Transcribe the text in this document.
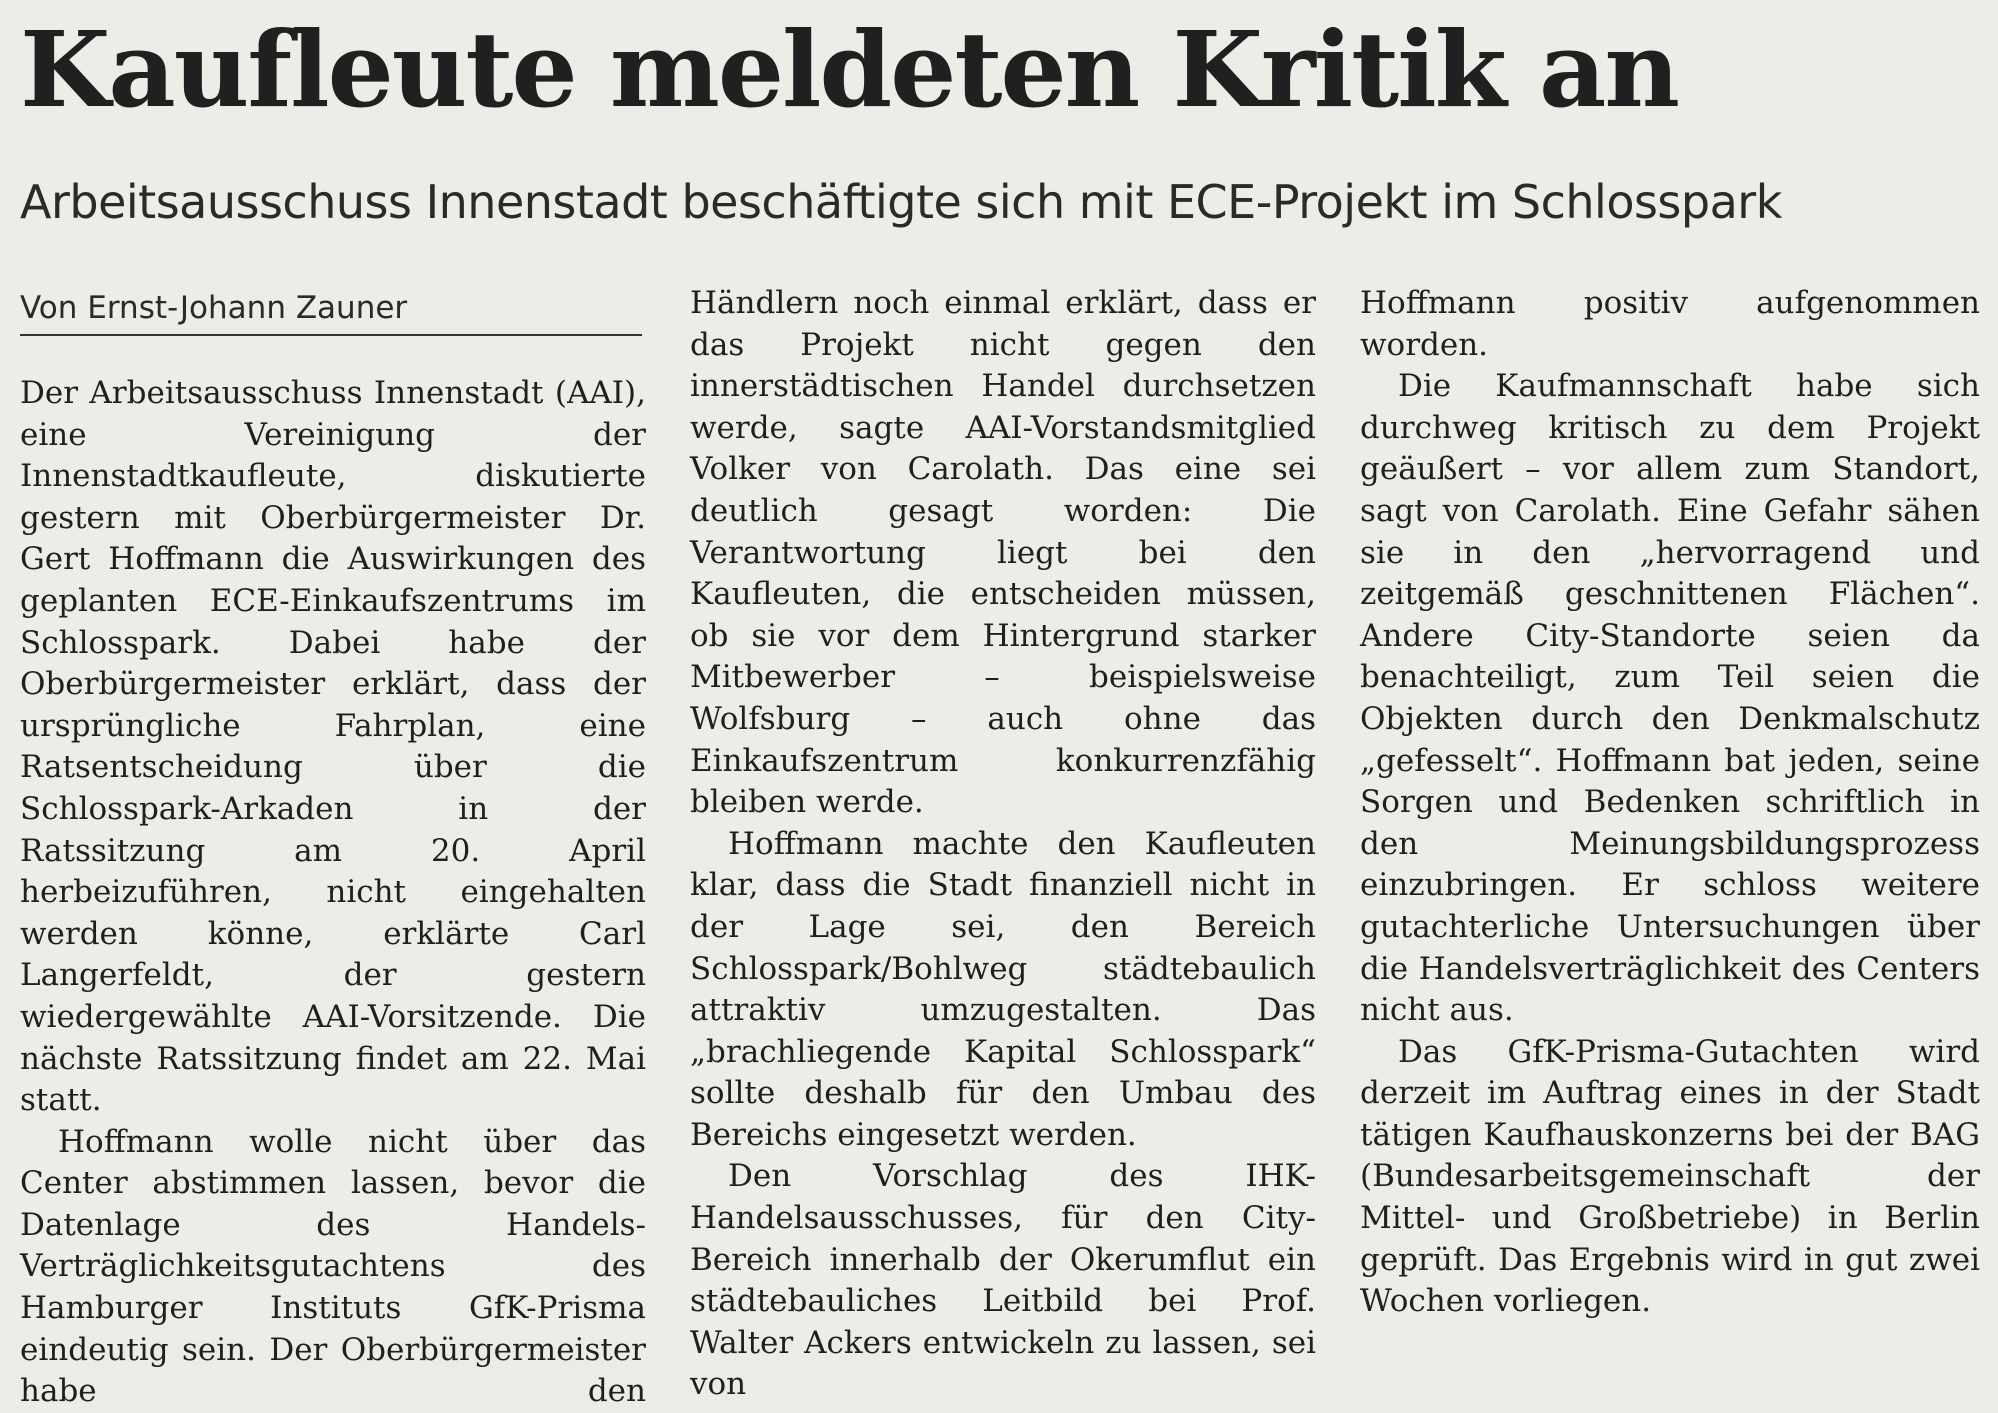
Kaufleute meldeten Kritik an
Arbeitsausschuss Innenstadt beschäftigte sich mit ECE-Projekt im Schlosspark
Von Ernst-Johann Zauner

Der Arbeitsausschuss Innenstadt (AAI), eine Vereinigung der Innenstadtkaufleute, diskutierte gestern mit Oberbürgermeister Dr. Gert Hoffmann die Auswirkungen des geplanten ECE-Einkaufszentrums im Schlosspark. Dabei habe der Oberbürgermeister erklärt, dass der ursprüngliche Fahrplan, eine Ratsentscheidung über die Schlosspark-Arkaden in der Ratssitzung am 20. April herbeizuführen, nicht eingehalten werden könne, erklärte Carl Langerfeldt, der gestern wiedergewählte AAI-Vorsitzende. Die nächste Ratssitzung findet am 22. Mai statt.

Hoffmann wolle nicht über das Center abstimmen lassen, bevor die Datenlage des Handels-Verträglichkeitsgutachtens des Hamburger Instituts GfK-Prisma eindeutig sein. Der Oberbürgermeister habe den

Händlern noch einmal erklärt, dass er das Projekt nicht gegen den innerstädtischen Handel durchsetzen werde, sagte AAI-Vorstandsmitglied Volker von Carolath. Das eine sei deutlich gesagt worden: Die Verantwortung liegt bei den Kaufleuten, die entscheiden müssen, ob sie vor dem Hintergrund starker Mitbewerber – beispielsweise Wolfsburg – auch ohne das Einkaufszentrum konkurrenzfähig bleiben werde.

Hoffmann machte den Kaufleuten klar, dass die Stadt finanziell nicht in der Lage sei, den Bereich Schlosspark/Bohlweg städtebaulich attraktiv umzugestalten. Das „brachliegende Kapital Schlosspark“ sollte deshalb für den Umbau des Bereichs eingesetzt werden.

Den Vorschlag des IHK-Handelsausschusses, für den City-Bereich innerhalb der Okerumflut ein städtebauliches Leitbild bei Prof. Walter Ackers entwickeln zu lassen, sei von

Hoffmann positiv aufgenommen worden.

Die Kaufmannschaft habe sich durchweg kritisch zu dem Projekt geäußert – vor allem zum Standort, sagt von Carolath. Eine Gefahr sähen sie in den „hervorragend und zeitgemäß geschnittenen Flächen“. Andere City-Standorte seien da benachteiligt, zum Teil seien die Objekten durch den Denkmalschutz „gefesselt“. Hoffmann bat jeden, seine Sorgen und Bedenken schriftlich in den Meinungsbildungsprozess einzubringen. Er schloss weitere gutachterliche Untersuchungen über die Handelsverträglichkeit des Centers nicht aus.

Das GfK-Prisma-Gutachten wird derzeit im Auftrag eines in der Stadt tätigen Kaufhauskonzerns bei der BAG (Bundesarbeitsgemeinschaft der Mittel- und Großbetriebe) in Berlin geprüft. Das Ergebnis wird in gut zwei Wochen vorliegen.
